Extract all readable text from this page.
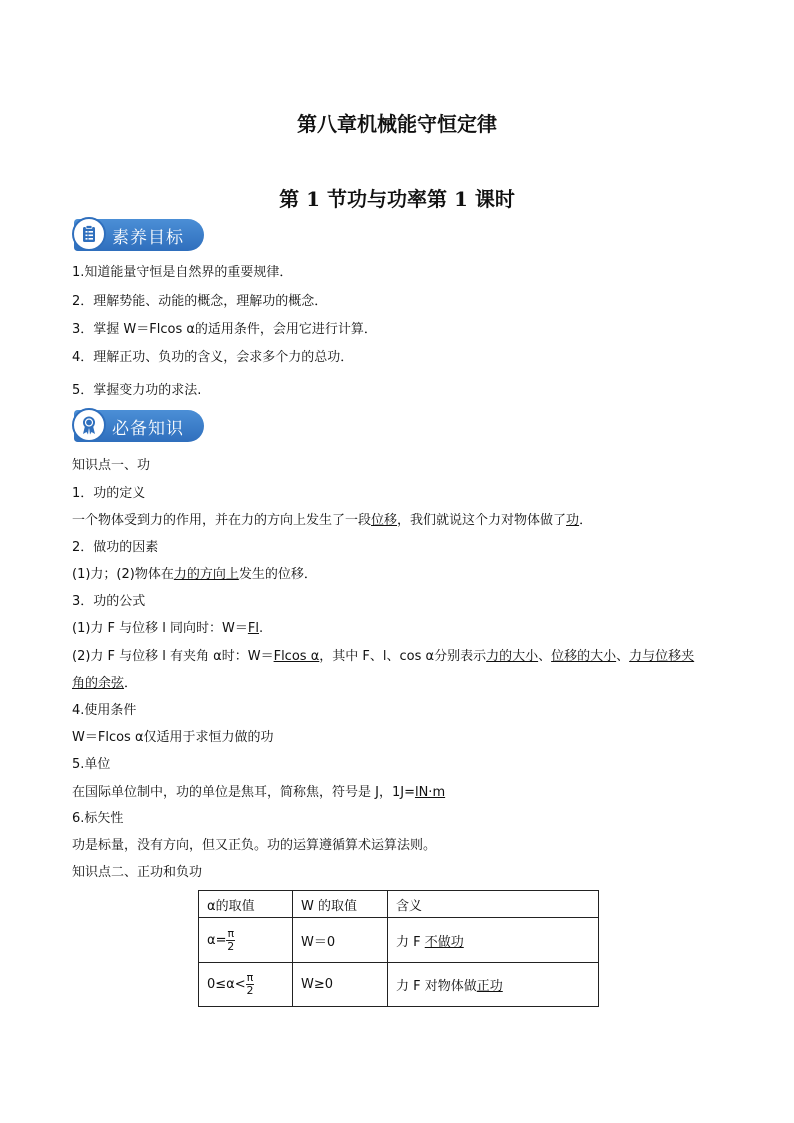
第八章机械能守恒定律
第 1 节功与功率第 1 课时
素养目标
1.知道能量守恒是自然界的重要规律．
2．理解势能、动能的概念，理解功的概念．
3．掌握 W＝Flcos α的适用条件，会用它进行计算．
4．理解正功、负功的含义，会求多个力的总功．
5．掌握变力功的求法.
必备知识
知识点一、功
1．功的定义
一个物体受到力的作用，并在力的方向上发生了一段位移，我们就说这个力对物体做了功．
2．做功的因素
(1)力；(2)物体在力的方向上发生的位移．
3．功的公式
(1)力 F 与位移 l 同向时：W＝Fl.
(2)力 F 与位移 l 有夹角 α时：W＝Flcos α，其中 F、l、cos α分别表示力的大小、位移的大小、力与位移夹
角的余弦．
4.使用条件
W＝Flcos α仅适用于求恒力做的功
5.单位
在国际单位制中，功的单位是焦耳，简称焦，符号是 J，1J=lN·m
6.标矢性
功是标量，没有方向，但又正负。功的运算遵循算术运算法则。
知识点二、正功和负功
α的取值	W 的取值	含义
$\alpha= \frac{\pi}{2}$	W＝0	力 F 不做功
$0\le\alpha< \frac{\pi}{2}$	W≥0	力 F 对物体做正功
